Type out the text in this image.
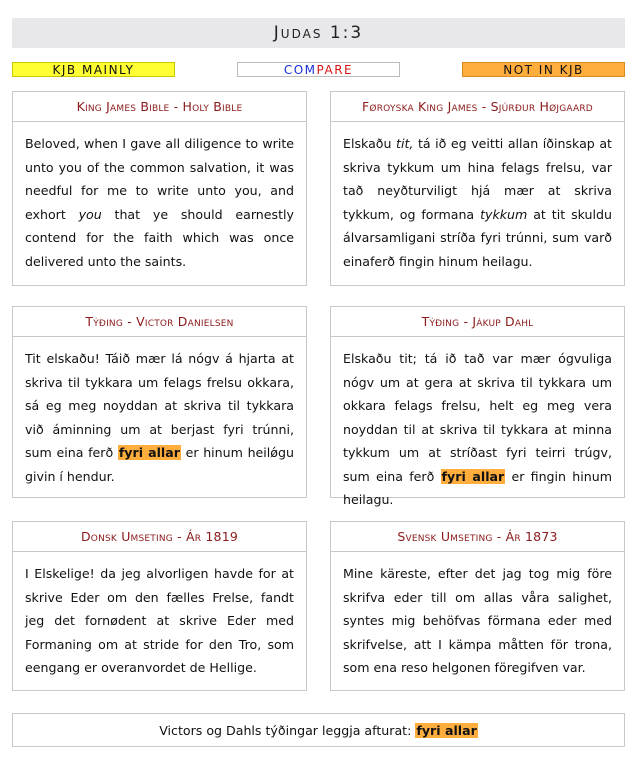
Judas 1:3
KJB MAINLY	COM PARE	NOT IN KJB
King James Bible - Holy Bible
Beloved, when I gave all diligence to write unto you of the common salvation, it was needful for me to write unto you, and exhort you that ye should earnestly contend for the faith which was once delivered unto the saints.
Føroyska King James - Sjúrður Højgaard
Elskaðu tit, tá ið eg veitti allan íðinskap at skriva tykkum um hina felags frelsu, var tað neyðturviligt hjá mær at skriva tykkum, og formana tykkum at tit skuldu álvarsamligani stríða fyri trúnni, sum varð einaferð fingin hinum heilagu.
Týðing - Victor Danielsen
Tit elskaðu! Táið mær lá nógv á hjarta at skriva til tykkara um felags frelsu okkara, sá eg meg noyddan at skriva til tykkara við áminning um at berjast fyri trúnni, sum eina ferð fyri allar er hinum heilǿgu givin í hendur.
Týðing - Jákup Dahl
Elskaðu tit; tá ið tað var mær ógvuliga nógv um at gera at skriva til tykkara um okkara felags frelsu, helt eg meg vera noyddan til at skriva til tykkara at minna tykkum um at stríðast fyri teirri trúgv, sum eina ferð fyri allar er fingin hinum heilagu.
Donsk Umseting - Ár 1819
I Elskelige! da jeg alvorligen havde for at skrive Eder om den fælles Frelse, fandt jeg det fornødent at skrive Eder med Formaning om at stride for den Tro, som eengang er overanvordet de Hellige.
Svensk Umseting - Ár 1873
Mine käreste, efter det jag tog mig före skrifva eder till om allas våra salighet, syntes mig behöfvas förmana eder med skrifvelse, att I kämpa måtten för trona, som ena reso helgonen föregifven var.
Victors og Dahls týðingar leggja afturat: fyri allar
